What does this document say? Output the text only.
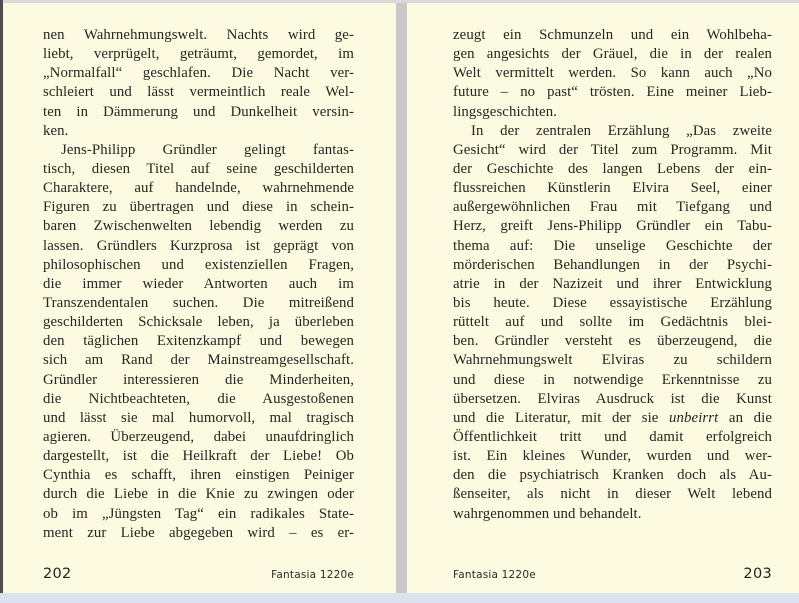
nen Wahrnehmungswelt. Nachts wird ge-
liebt, verprügelt, geträumt, gemordet, im
„Normalfall“ geschlafen. Die Nacht ver-
schleiert und lässt vermeintlich reale Wel-
ten in Dämmerung und Dunkelheit versin-
ken.
Jens-Philipp Gründler gelingt fantas-
tisch, diesen Titel auf seine geschilderten
Charaktere, auf handelnde, wahrnehmende
Figuren zu übertragen und diese in schein-
baren Zwischenwelten lebendig werden zu
lassen. Gründlers Kurzprosa ist geprägt von
philosophischen und existenziellen Fragen,
die immer wieder Antworten auch im
Transzendentalen suchen. Die mitreißend
geschilderten Schicksale leben, ja überleben
den täglichen Exitenzkampf und bewegen
sich am Rand der Mainstreamgesellschaft.
Gründler interessieren die Minderheiten,
die Nichtbeachteten, die Ausgestoßenen
und lässt sie mal humorvoll, mal tragisch
agieren. Überzeugend, dabei unaufdringlich
dargestellt, ist die Heilkraft der Liebe! Ob
Cynthia es schafft, ihren einstigen Peiniger
durch die Liebe in die Knie zu zwingen oder
ob im „Jüngsten Tag“ ein radikales State-
ment zur Liebe abgegeben wird – es er-
202	Fantasia 1220e
zeugt ein Schmunzeln und ein Wohlbeha-
gen angesichts der Gräuel, die in der realen
Welt vermittelt werden. So kann auch „No
future – no past“ trösten. Eine meiner Lieb-
lingsgeschichten.
In der zentralen Erzählung „Das zweite
Gesicht“ wird der Titel zum Programm. Mit
der Geschichte des langen Lebens der ein-
flussreichen Künstlerin Elvira Seel, einer
außergewöhnlichen Frau mit Tiefgang und
Herz, greift Jens-Philipp Gründler ein Tabu-
thema auf: Die unselige Geschichte der
mörderischen Behandlungen in der Psychi-
atrie in der Nazizeit und ihrer Entwicklung
bis heute. Diese essayistische Erzählung
rüttelt auf und sollte im Gedächtnis blei-
ben. Gründler versteht es überzeugend, die
Wahrnehmungswelt Elviras zu schildern
und diese in notwendige Erkenntnisse zu
übersetzen. Elviras Ausdruck ist die Kunst
und die Literatur, mit der sie unbeirrt an die
Öffentlichkeit tritt und damit erfolgreich
ist. Ein kleines Wunder, wurden und wer-
den die psychiatrisch Kranken doch als Au-
ßenseiter, als nicht in dieser Welt lebend
wahrgenommen und behandelt.
Fantasia 1220e	203
